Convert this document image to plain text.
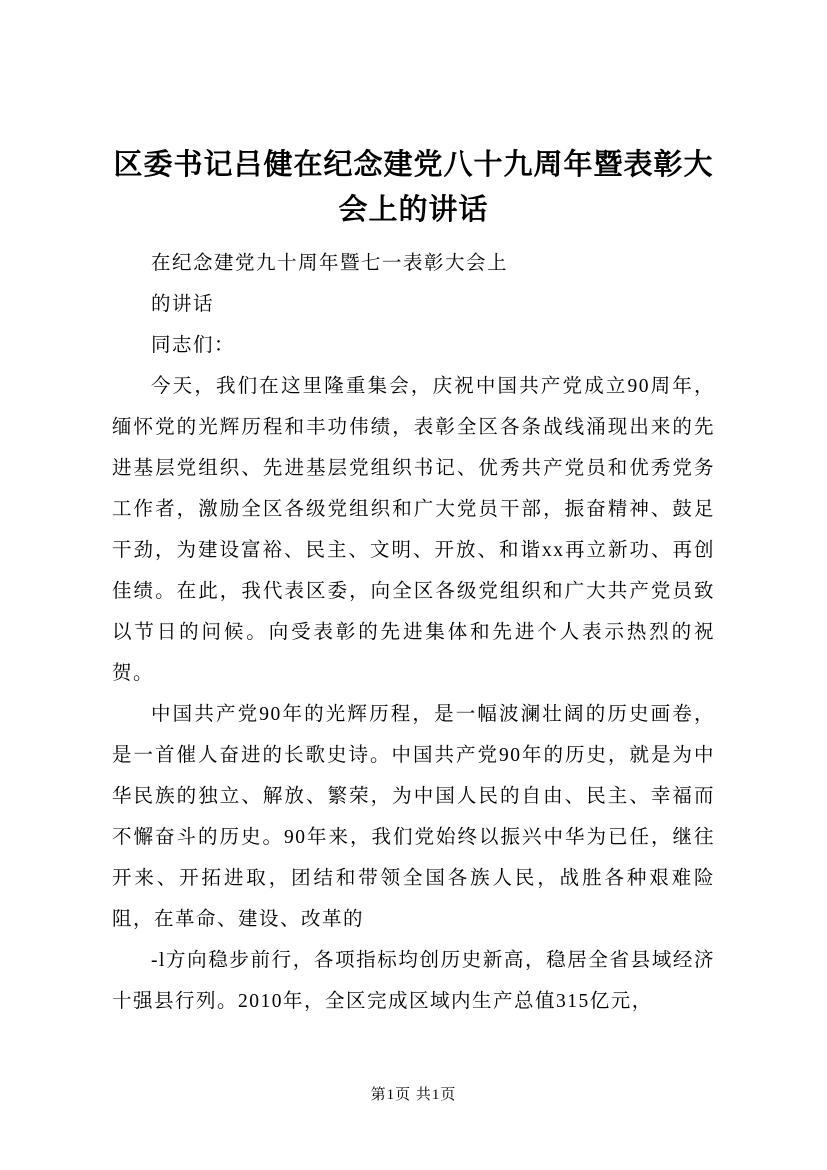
区委书记吕健在纪念建党八十九周年暨表彰大会上的讲话

在纪念建党九十周年暨七一表彰大会上

的讲话

同志们：

今天，我们在这里隆重集会，庆祝中国共产党成立90周年，缅怀党的光辉历程和丰功伟绩，表彰全区各条战线涌现出来的先进基层党组织、先进基层党组织书记、优秀共产党员和优秀党务工作者，激励全区各级党组织和广大党员干部，振奋精神、鼓足干劲，为建设富裕、民主、文明、开放、和谐xx再立新功、再创佳绩。在此，我代表区委，向全区各级党组织和广大共产党员致以节日的问候。向受表彰的先进集体和先进个人表示热烈的祝贺。

中国共产党90年的光辉历程，是一幅波澜壮阔的历史画卷，是一首催人奋进的长歌史诗。中国共产党90年的历史，就是为中华民族的独立、解放、繁荣，为中国人民的自由、民主、幸福而不懈奋斗的历史。90年来，我们党始终以振兴中华为已任，继往开来、开拓进取，团结和带领全国各族人民，战胜各种艰难险阻，在革命、建设、改革的

-l方向稳步前行，各项指标均创历史新高，稳居全省县域经济十强县行列。2010年，全区完成区域内生产总值315亿元，

第1页 共1页
